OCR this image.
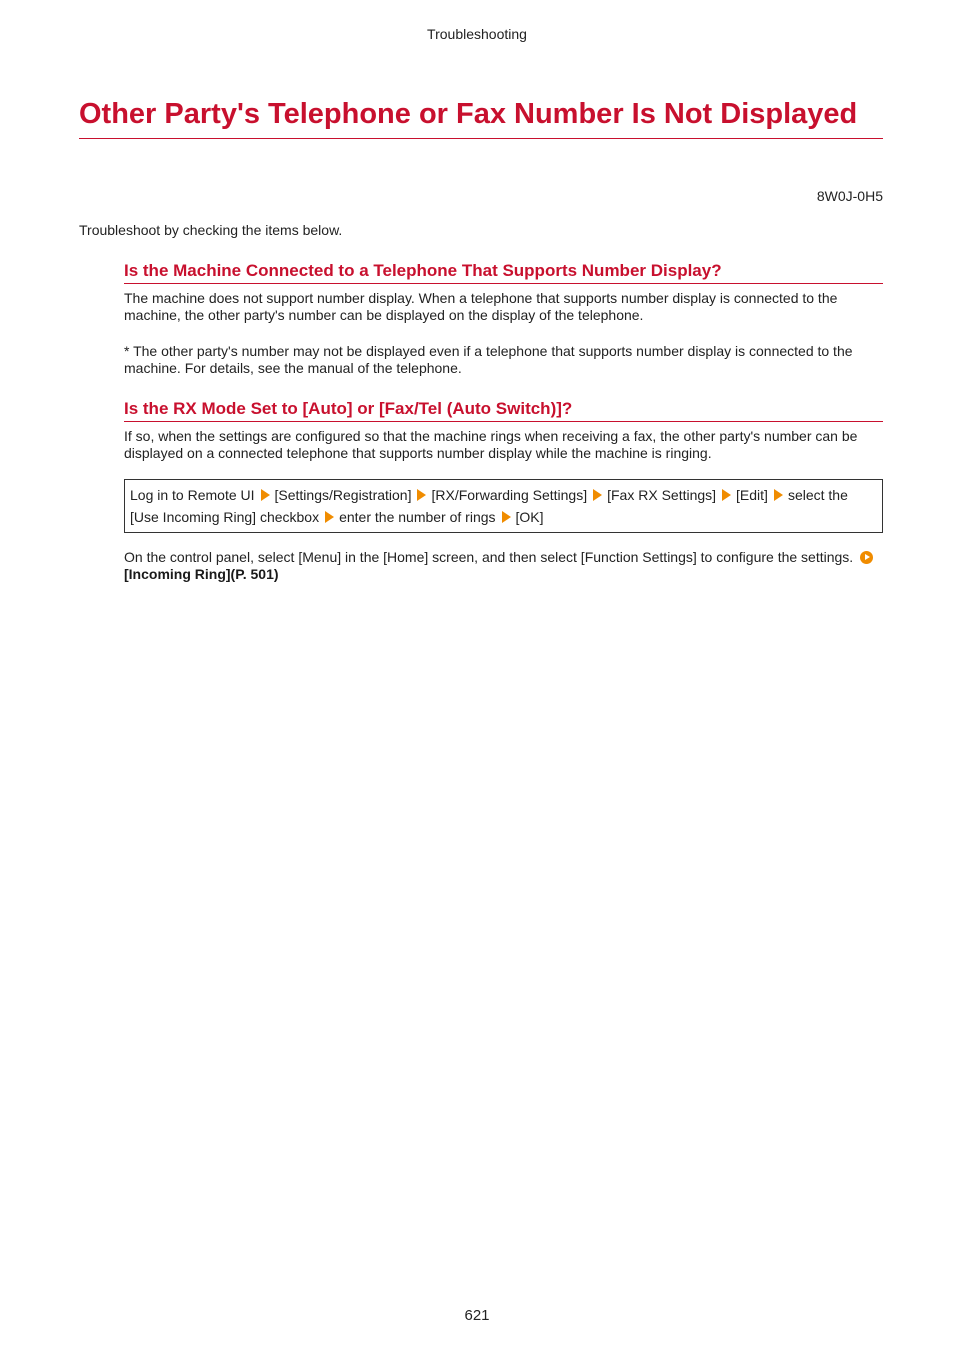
Troubleshooting
Other Party's Telephone or Fax Number Is Not Displayed
8W0J-0H5
Troubleshoot by checking the items below.
Is the Machine Connected to a Telephone That Supports Number Display?

The machine does not support number display. When a telephone that supports number display is connected to the machine, the other party's number can be displayed on the display of the telephone.

* The other party's number may not be displayed even if a telephone that supports number display is connected to the machine. For details, see the manual of the telephone.

Is the RX Mode Set to [Auto] or [Fax/Tel (Auto Switch)]?

If so, when the settings are configured so that the machine rings when receiving a fax, the other party's number can be displayed on a connected telephone that supports number display while the machine is ringing.

Log in to Remote UI [Settings/Registration] [RX/Forwarding Settings] [Fax RX Settings] [Edit] select the [Use Incoming Ring] checkbox enter the number of rings [OK]

On the control panel, select [Menu] in the [Home] screen, and then select [Function Settings] to configure the settings. [Incoming Ring](P. 501)

621
